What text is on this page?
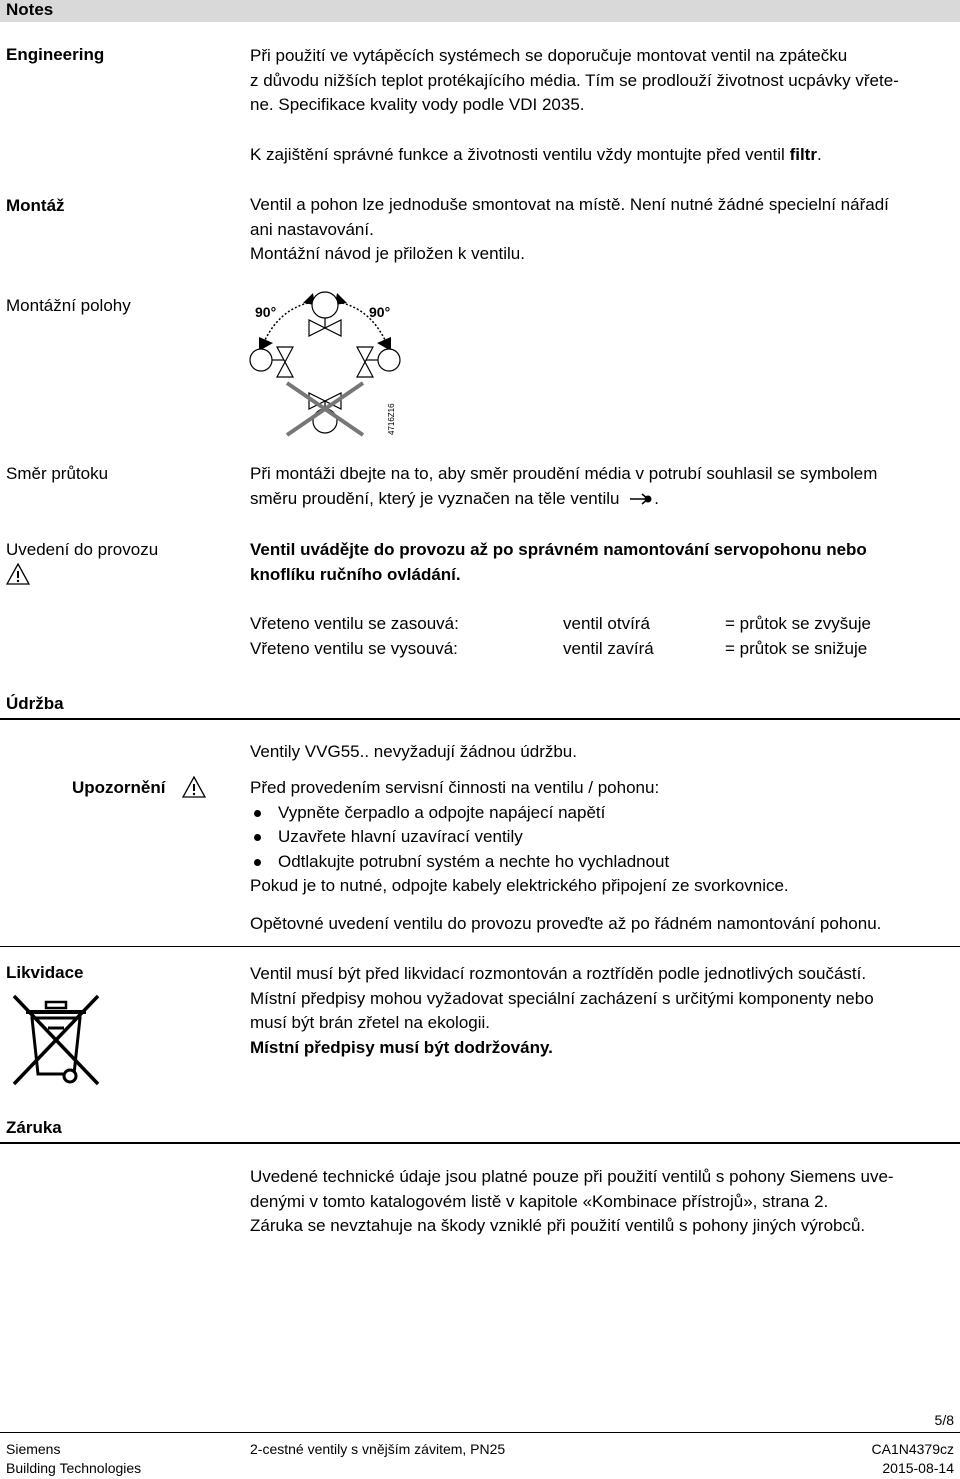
Notes
Engineering	Při použití ve vytápěcích systémech se doporučuje montovat ventil na zpátečku
z důvodu nižších teplot protékajícího média. Tím se prodlouží životnost ucpávky vřete-
ne. Specifikace kvality vody podle VDI 2035.
K zajištění správné funkce a životnosti ventilu vždy montujte před ventil filtr.
Montáž	Ventil a pohon lze jednoduše smontovat na místě. Není nutné žádné specielní nářadí
ani nastavování.
Montážní návod je přiložen k ventilu.
Montážní polohy	90°	90°
4716Z16
Směr průtoku	Při montáži dbejte na to, aby směr proudění média v potrubí souhlasil se symbolem
směru proudění, který je vyznačen na těle ventilu .
Uvedení do provozu	Ventil uvádějte do provozu až po správném namontování servopohonu nebo
knoflíku ručního ovládání.
Vřeteno ventilu se zasouvá:	ventil otvírá	= průtok se zvyšuje
Vřeteno ventilu se vysouvá:	ventil zavírá	= průtok se snižuje
Údržba
Ventily VVG55.. nevyžadují žádnou údržbu.
Upozornění	Před provedením servisní činnosti na ventilu / pohonu:
Vypněte čerpadlo a odpojte napájecí napětí
Uzavřete hlavní uzavírací ventily
Odtlakujte potrubní systém a nechte ho vychladnout
Pokud je to nutné, odpojte kabely elektrického připojení ze svorkovnice.
Opětovné uvedení ventilu do provozu proveďte až po řádném namontování pohonu.
Likvidace	Ventil musí být před likvidací rozmontován a roztříděn podle jednotlivých součástí.
Místní předpisy mohou vyžadovat speciální zacházení s určitými komponenty nebo
musí být brán zřetel na ekologii.
Místní předpisy musí být dodržovány.
Záruka
Uvedené technické údaje jsou platné pouze při použití ventilů s pohony Siemens uve-
denými v tomto katalogovém listě v kapitole «Kombinace přístrojů», strana 2.
Záruka se nevztahuje na škody vzniklé při použití ventilů s pohony jiných výrobců.
5/8
Siemens
Building Technologies
2-cestné ventily s vnějším závitem, PN25	CA1N4379cz
2015-08-14
